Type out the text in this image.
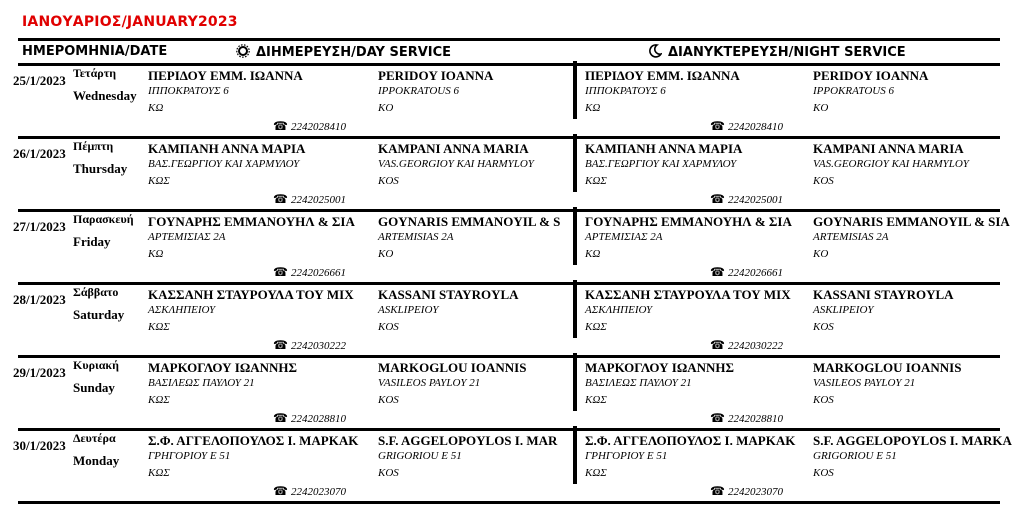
ΙΑΝΟΥΑΡΙΟΣ/JANUARY2023
ΗΜΕΡΟΜΗΝΙΑ/DATE	ΔΙΗΜΕΡΕΥΣΗ/DAY SERVICE	ΔΙΑΝΥΚΤΕΡΕΥΣΗ/NIGHT SERVICE
25/1/2023 Τετάρτη
Wednesday
ΠΕΡΙΔΟΥ ΕΜΜ. ΙΩΑΝΝΑ
ΙΠΠΟΚΡΑΤΟΥΣ 6
ΚΩ
PERIDOY IOANNA
IPPOKRATOUS 6
KO
☎ 2242028410
ΠΕΡΙΔΟΥ ΕΜΜ. ΙΩΑΝΝΑ
ΙΠΠΟΚΡΑΤΟΥΣ 6
ΚΩ
PERIDOY IOANNA
IPPOKRATOUS 6
KO
☎ 2242028410
26/1/2023 Πέμπτη
Thursday
ΚΑΜΠΑΝΗ ΑΝΝΑ ΜΑΡΙΑ
ΒΑΣ.ΓΕΩΡΓΙΟΥ ΚΑΙ ΧΑΡΜΥΛΟΥ
ΚΩΣ
KAMPANI ANNA MARIA
VAS.GEORGIOY KAI HARMYLOY
KOS
☎ 2242025001
ΚΑΜΠΑΝΗ ΑΝΝΑ ΜΑΡΙΑ
ΒΑΣ.ΓΕΩΡΓΙΟΥ ΚΑΙ ΧΑΡΜΥΛΟΥ
ΚΩΣ
KAMPANI ANNA MARIA
VAS.GEORGIOY KAI HARMYLOY
KOS
☎ 2242025001
27/1/2023 Παρασκευή
Friday
ΓΟΥΝΑΡΗΣ ΕΜΜΑΝΟΥΗΛ & ΣΙΑ
ΑΡΤΕΜΙΣΙΑΣ 2Α
ΚΩ
GOYNARIS EMMANOYIL & S
ARTEMISIAS 2A
KO
☎ 2242026661
ΓΟΥΝΑΡΗΣ ΕΜΜΑΝΟΥΗΛ & ΣΙΑ
ΑΡΤΕΜΙΣΙΑΣ 2Α
ΚΩ
GOYNARIS EMMANOYIL & SIA
ARTEMISIAS 2A
KO
☎ 2242026661
28/1/2023 Σάββατο
Saturday
ΚΑΣΣΑΝΗ ΣΤΑΥΡΟΥΛΑ ΤΟΥ ΜΙΧ
ΑΣΚΛΗΠΕΙΟΥ
ΚΩΣ
KASSANI STAYROYLA
ASKLIPEIOY
KOS
☎ 2242030222
ΚΑΣΣΑΝΗ ΣΤΑΥΡΟΥΛΑ ΤΟΥ ΜΙΧ
ΑΣΚΛΗΠΕΙΟΥ
ΚΩΣ
KASSANI STAYROYLA
ASKLIPEIOY
KOS
☎ 2242030222
29/1/2023 Κυριακή
Sunday
ΜΑΡΚΟΓΛΟΥ ΙΩΑΝΝΗΣ
ΒΑΣΙΛΕΩΣ ΠΑΥΛΟΥ 21
ΚΩΣ
MARKOGLOU IOANNIS
VASILEOS PAYLOY 21
KOS
☎ 2242028810
ΜΑΡΚΟΓΛΟΥ ΙΩΑΝΝΗΣ
ΒΑΣΙΛΕΩΣ ΠΑΥΛΟΥ 21
ΚΩΣ
MARKOGLOU IOANNIS
VASILEOS PAYLOY 21
KOS
☎ 2242028810
30/1/2023 Δευτέρα
Monday
Σ.Φ. ΑΓΓΕΛΟΠΟΥΛΟΣ Ι. ΜΑΡΚΑΚ
ΓΡΗΓΟΡΙΟΥ Ε 51
ΚΩΣ
S.F. AGGELOPOYLOS I. MAR
GRIGORIOU E 51
KOS
☎ 2242023070
Σ.Φ. ΑΓΓΕΛΟΠΟΥΛΟΣ Ι. ΜΑΡΚΑΚ
ΓΡΗΓΟΡΙΟΥ Ε 51
ΚΩΣ
S.F. AGGELOPOYLOS I. MARKA
GRIGORIOU E 51
KOS
☎ 2242023070
